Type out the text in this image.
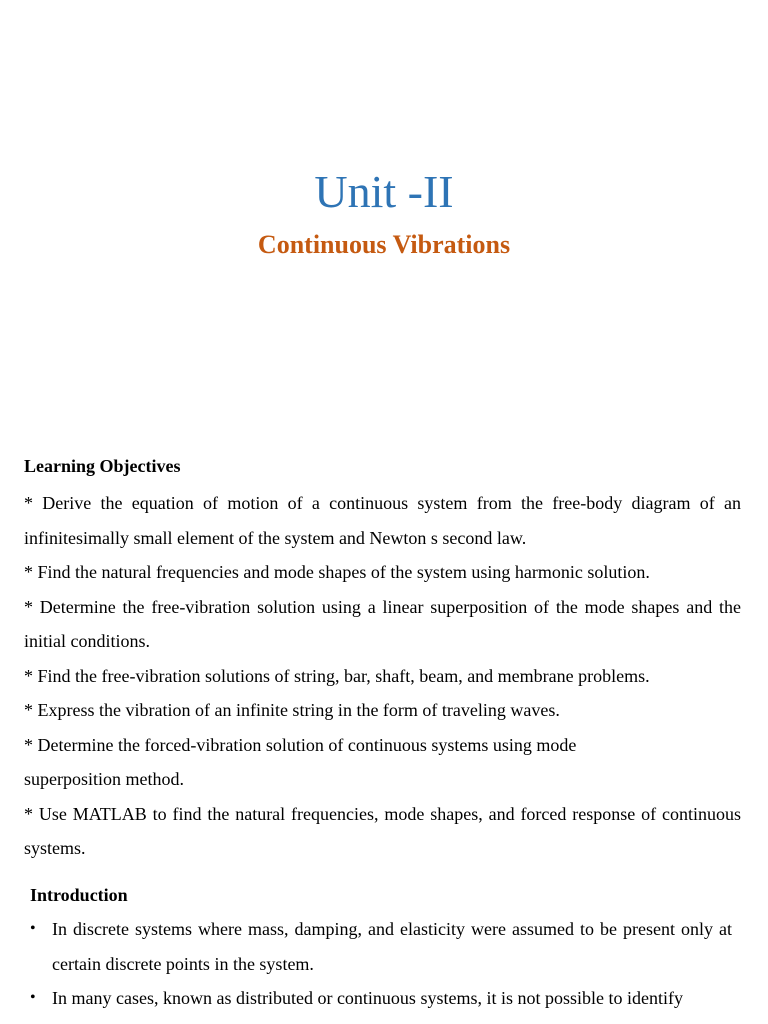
Unit -II
Continuous Vibrations

Learning Objectives

* Derive the equation of motion of a continuous system from the free-body diagram of an infinitesimally small element of the system and Newton s second law.

* Find the natural frequencies and mode shapes of the system using harmonic solution.

* Determine the free-vibration solution using a linear superposition of the mode shapes and the initial conditions.

* Find the free-vibration solutions of string, bar, shaft, beam, and membrane problems.

* Express the vibration of an infinite string in the form of traveling waves.

* Determine the forced-vibration solution of continuous systems using mode superposition method.

* Use MATLAB to find the natural frequencies, mode shapes, and forced response of continuous systems.

Introduction

• In discrete systems where mass, damping, and elasticity were assumed to be present only at certain discrete points in the system.
• In many cases, known as distributed or continuous systems, it is not possible to identify
